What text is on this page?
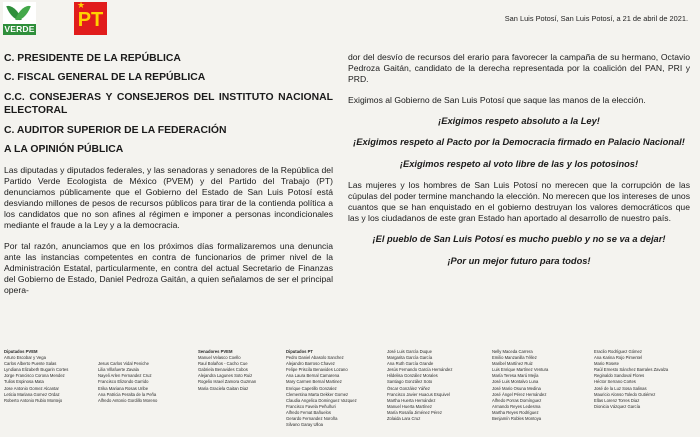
VERDE
★
PT	San Luis Potosí, San Luis Potosí, a 21 de abril de 2021.
C. PRESIDENTE DE LA REPÚBLICA
C. FISCAL GENERAL DE LA REPÚBLICA
C.C. CONSEJERAS Y CONSEJEROS DEL INSTITUTO NACIONAL ELECTORAL
C. AUDITOR SUPERIOR DE LA FEDERACIÓN
A LA OPINIÓN PÚBLICA

Las diputadas y diputados federales, y las senadoras y senadores de la República del Partido Verde Ecologista de México (PVEM) y del Partido del Trabajo (PT) denunciamos públicamente que el Gobierno del Estado de San Luis Potosí está desviando millones de pesos de recursos públicos para tirar de la contienda política a los candidatos que no son afines al régimen e imponer a personas incondicionales mediante el fraude a la Ley y a la democracia.

Por tal razón, anunciamos que en los próximos días formalizaremos una denuncia ante las instancias competentes en contra de funcionarios de primer nivel de la Administración Estatal, particularmente, en contra del actual Secretario de Finanzas del Gobierno de Estado, Daniel Pedroza Gaitán, a quien señalamos de ser el principal opera-

dor del desvío de recursos del erario para favorecer la campaña de su hermano, Octavio Pedroza Gaitán, candidato de la derecha representada por la coalición del PAN, PRI y PRD.

Exigimos al Gobierno de San Luis Potosí que saque las manos de la elección.

¡Exigimos respeto absoluto a la Ley!

¡Exigimos respeto al Pacto por la Democracia firmado en Palacio Nacional!

¡Exigimos respeto al voto libre de las y los potosinos!

Las mujeres y los hombres de San Luis Potosí no merecen que la corrupción de las cúpulas del poder termine manchando la elección. No merecen que los intereses de unos cuantos que se han enquistado en el gobierno destruyan los valores democráticos que las y los ciudadanos de este gran Estado han aportado al desarrollo de nuestro país.

¡El pueblo de San Luis Potosí es mucho pueblo y no se va a dejar!

¡Por un mejor futuro para todos!

Diputados PVEM
Arturo Escobar y Vega
Carlos Alberto Puente Salas
Lyndiana Elizabeth Bugarin Cortes
Jorge Francisco Corona Mendez
Tulios Espinosa Mata
Jose Antonio Gomez Alcantar
Leticia Mariana Gomez Ordaz
Roberto Antonio Rubio Montejo

Jesus Carlos Vidal Peniche
Lilia Villafuerte Zavala
Nayeli Arlen Fernandez Cruz
Francisco Elizondo Garrido
Erika Mariana Rosas Uribe
Ana Patricia Peralta de la Peña
Alfredo Antonio Gordillo Moreno
Senadores PVEM
Manuel Velasco Coello
Raul Bolaños - Cacho Cue
Gabriela Benavides Cobos
Alejandra Lagunes Soto Ruiz
Rogelio Israel Zamora Guzman
Maria Graciela Gaitan Diaz
Diputados PT
Pedro Daniel Abasolo Sanchez
Alejandro Barroso Chavez
Felipe Priscila Benavides Lozano
Ana Laura Bernal Camarena
Mary Carmen Bernal Martinez
Enrique Capetillo Gonzalez
Clementina Marta Dekker Gomez
Claudia Angelica Dominguez Vazquez
Francisco Favela Peñuñuri
Alfredo Femat Bañuelos
Gerardo Fernandez Noroña
Silvano Garay Ulloa
José Luis García Duque
Margarita García García
Ana Ruth García Grande
Jesús Fernando García Hernández
Hildelisa González Morales
Santiago González Soto
Óscar González Yáñez
Francisco Javier Huacus Esquivel
Martha Huerta Hernández
Manuel Huerta Martínez
María Rosalía Jiménez Pérez
Zolaida Lara Cruz
Nelly Maceda Carrera
Emilio Manzanilla Téllez
Maribel Martínez Ruiz
Luis Enrique Martínez Ventura
María Teresa Marú Mejía
José Luis Montalvo Luna
José Mario Osuna Medina
José Ángel Pérez Hernández
Alfredo Porras Domínguez
Armando Reyes Ledesma
Martha Reyes Rodríguez
Benjamín Robles Montoya
Eraclio Rodríguez Gómez
Ana Karina Rojo Pimentel
Mario Rosete
Raúl Ernesto Sánchez Barrales Zavalza
Reginaldo Sandoval Flores
Héctor Serrano Cortes
José de la Luz Sosa Salinas
Mauricio Alonso Toledo Gutiérrez
Ellas Lorenz Torres Diaz
Dionicia Vázquez García
